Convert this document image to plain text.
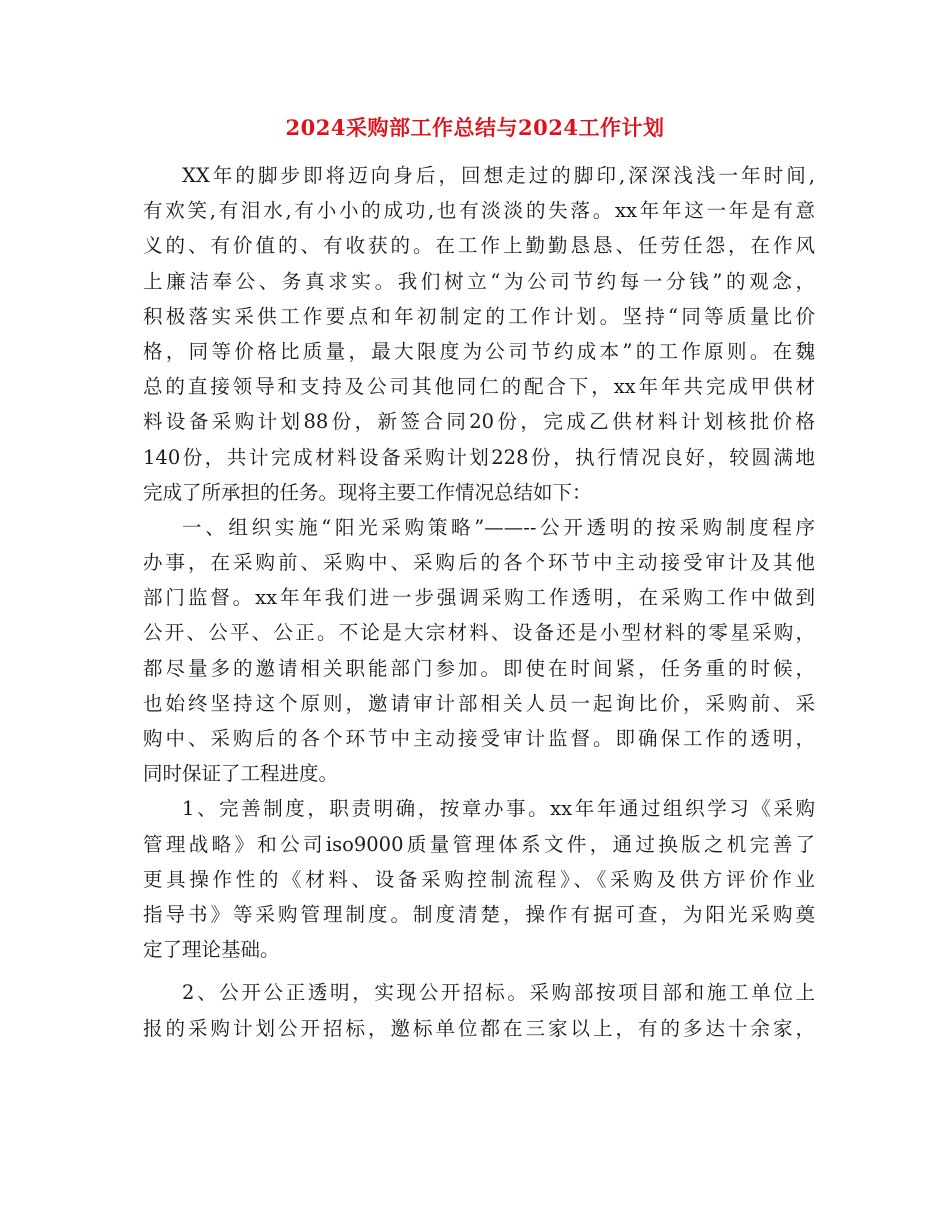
2024采购部工作总结与2024工作计划
XX年的脚步即将迈向身后，回想走过的脚印,深深浅浅一年时间,
有欢笑,有泪水,有小小的成功,也有淡淡的失落。xx年年这一年是有意
义的、有价值的、有收获的。在工作上勤勤恳恳、任劳任怨，在作风
上廉洁奉公、务真求实。我们树立“为公司节约每一分钱”的观念，
积极落实采供工作要点和年初制定的工作计划。坚持“同等质量比价
格，同等价格比质量，最大限度为公司节约成本”的工作原则。在魏
总的直接领导和支持及公司其他同仁的配合下，xx年年共完成甲供材
料设备采购计划88份，新签合同20份，完成乙供材料计划核批价格
140份，共计完成材料设备采购计划228份，执行情况良好，较圆满地
完成了所承担的任务。现将主要工作情况总结如下：
一、组织实施“阳光采购策略”——--公开透明的按采购制度程序
办事，在采购前、采购中、采购后的各个环节中主动接受审计及其他
部门监督。xx年年我们进一步强调采购工作透明，在采购工作中做到
公开、公平、公正。不论是大宗材料、设备还是小型材料的零星采购，
都尽量多的邀请相关职能部门参加。即使在时间紧，任务重的时候，
也始终坚持这个原则，邀请审计部相关人员一起询比价，采购前、采
购中、采购后的各个环节中主动接受审计监督。即确保工作的透明，
同时保证了工程进度。
1、完善制度，职责明确，按章办事。xx年年通过组织学习《采购
管理战略》和公司iso9000质量管理体系文件，通过换版之机完善了
更具操作性的《材料、设备采购控制流程》、《采购及供方评价作业
指导书》等采购管理制度。制度清楚，操作有据可查，为阳光采购奠
定了理论基础。
2、公开公正透明，实现公开招标。采购部按项目部和施工单位上
报的采购计划公开招标，邀标单位都在三家以上，有的多达十余家，
